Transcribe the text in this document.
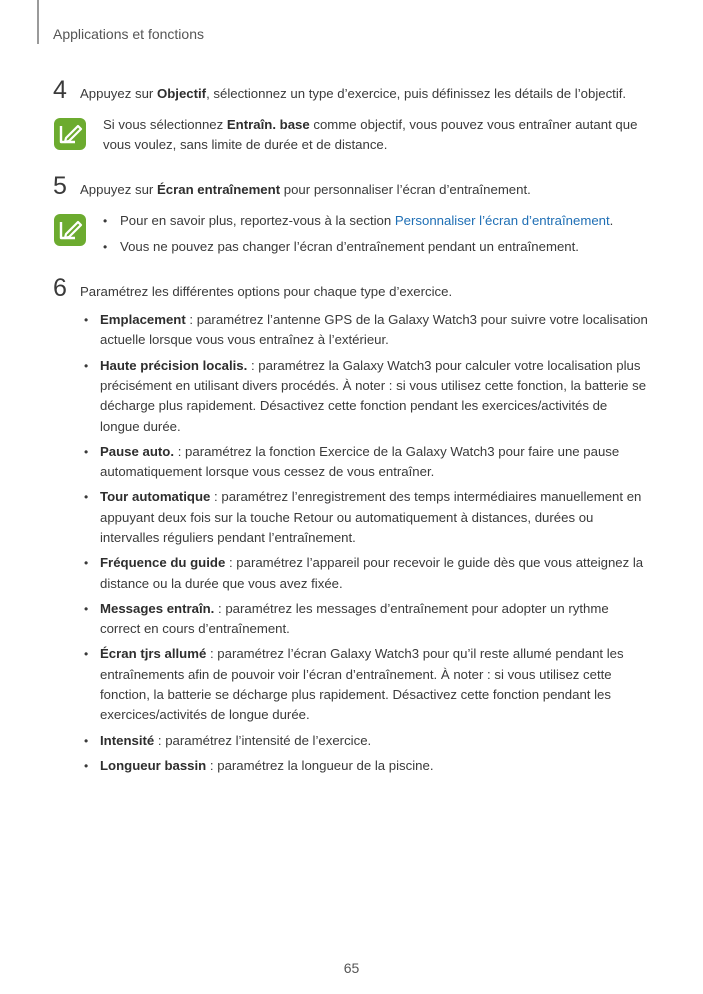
Applications et fonctions
4 Appuyez sur Objectif, sélectionnez un type d’exercice, puis définissez les détails de l’objectif.
Si vous sélectionnez Entraîn. base comme objectif, vous pouvez vous entraîner autant que vous voulez, sans limite de durée et de distance.
5 Appuyez sur Écran entraînement pour personnaliser l’écran d’entraînement.
• Pour en savoir plus, reportez-vous à la section Personnaliser l’écran d’entraînement.
• Vous ne pouvez pas changer l’écran d’entraînement pendant un entraînement.
6 Paramétrez les différentes options pour chaque type d’exercice.
• Emplacement : paramétrez l’antenne GPS de la Galaxy Watch3 pour suivre votre localisation actuelle lorsque vous vous entraînez à l’extérieur.
• Haute précision localis. : paramétrez la Galaxy Watch3 pour calculer votre localisation plus précisément en utilisant divers procédés. À noter : si vous utilisez cette fonction, la batterie se décharge plus rapidement. Désactivez cette fonction pendant les exercices/activités de longue durée.
• Pause auto. : paramétrez la fonction Exercice de la Galaxy Watch3 pour faire une pause automatiquement lorsque vous cessez de vous entraîner.
• Tour automatique : paramétrez l’enregistrement des temps intermédiaires manuellement en appuyant deux fois sur la touche Retour ou automatiquement à distances, durées ou intervalles réguliers pendant l’entraînement.
• Fréquence du guide : paramétrez l’appareil pour recevoir le guide dès que vous atteignez la distance ou la durée que vous avez fixée.
• Messages entraîn. : paramétrez les messages d’entraînement pour adopter un rythme correct en cours d’entraînement.
• Écran tjrs allumé : paramétrez l’écran Galaxy Watch3 pour qu’il reste allumé pendant les entraînements afin de pouvoir voir l’écran d’entraînement. À noter : si vous utilisez cette fonction, la batterie se décharge plus rapidement. Désactivez cette fonction pendant les exercices/activités de longue durée.
• Intensité : paramétrez l’intensité de l’exercice.
• Longueur bassin : paramétrez la longueur de la piscine.
65
